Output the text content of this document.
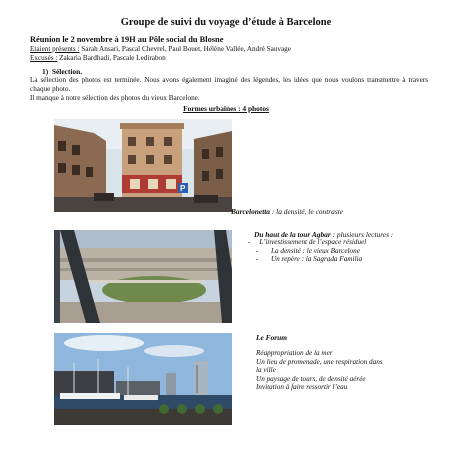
Groupe de suivi du voyage d’étude à Barcelone
Réunion le 2 novembre à 19H au Pôle social du Blosne
Etaient présents : Sarah Ansari, Pascal Chevrel, Paul Bouet, Hélène Vallée, André Sauvage
Excusés : Zakaria Bardhadi, Pascale Ledirabon
1) Sélection.
La sélection des photos est terminée. Nous avons également imaginé des légendes, les idées que nous voulons transmettre à travers chaque photo.
Il manque à notre sélection des photos du vieux Barcelone.
Formes urbaines : 4 photos
P
Barcelonetta : la densité, le contraste
Du haut de la tour Agbar : plusieurs lectures :
- L’investissement de l’espace résiduel
- La densité : le vieux Barcelone
- Un repère : la Sagrada Familia
Le Forum
Réappropriation de la mer
Un lieu de promenade, une respiration dans
la ville
Un paysage de tours, de densité aérée
Invitation à faire ressortir l’eau
